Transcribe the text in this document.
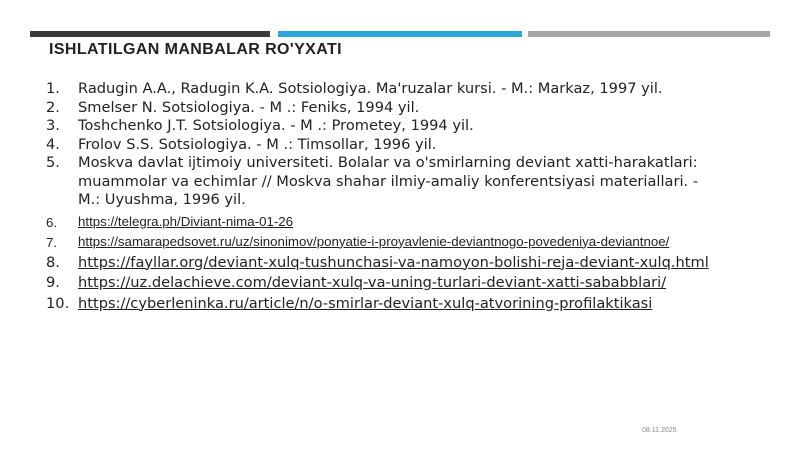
ISHLATILGAN MANBALAR RO'YXATI
1.	Radugin A.A., Radugin K.A. Sotsiologiya. Ma'ruzalar kursi. - M.: Markaz, 1997 yil.
2.	Smelser N. Sotsiologiya. - M .: Feniks, 1994 yil.
3.	Toshchenko J.T. Sotsiologiya. - M .: Prometey, 1994 yil.
4.	Frolov S.S. Sotsiologiya. - M .: Timsollar, 1996 yil.
5.	Moskva davlat ijtimoiy universiteti. Bolalar va o'smirlarning deviant xatti-harakatlari: muammolar va echimlar // Moskva shahar ilmiy-amaliy konferentsiyasi materiallari. - M.: Uyushma, 1996 yil.
6.	https://telegra.ph/Diviant-nima-01-26
7.	https://samarapedsovet.ru/uz/sinonimov/ponyatie-i-proyavlenie-deviantnogo-povedeniya-deviantnoe/
8.	https://fayllar.org/deviant-xulq-tushunchasi-va-namoyon-bolishi-reja-deviant-xulq.html
9.	https://uz.delachieve.com/deviant-xulq-va-uning-turlari-deviant-xatti-sababblari/
10. https://cyberleninka.ru/article/n/o-smirlar-deviant-xulq-atvorining-profilaktikasi
08.11.2025
